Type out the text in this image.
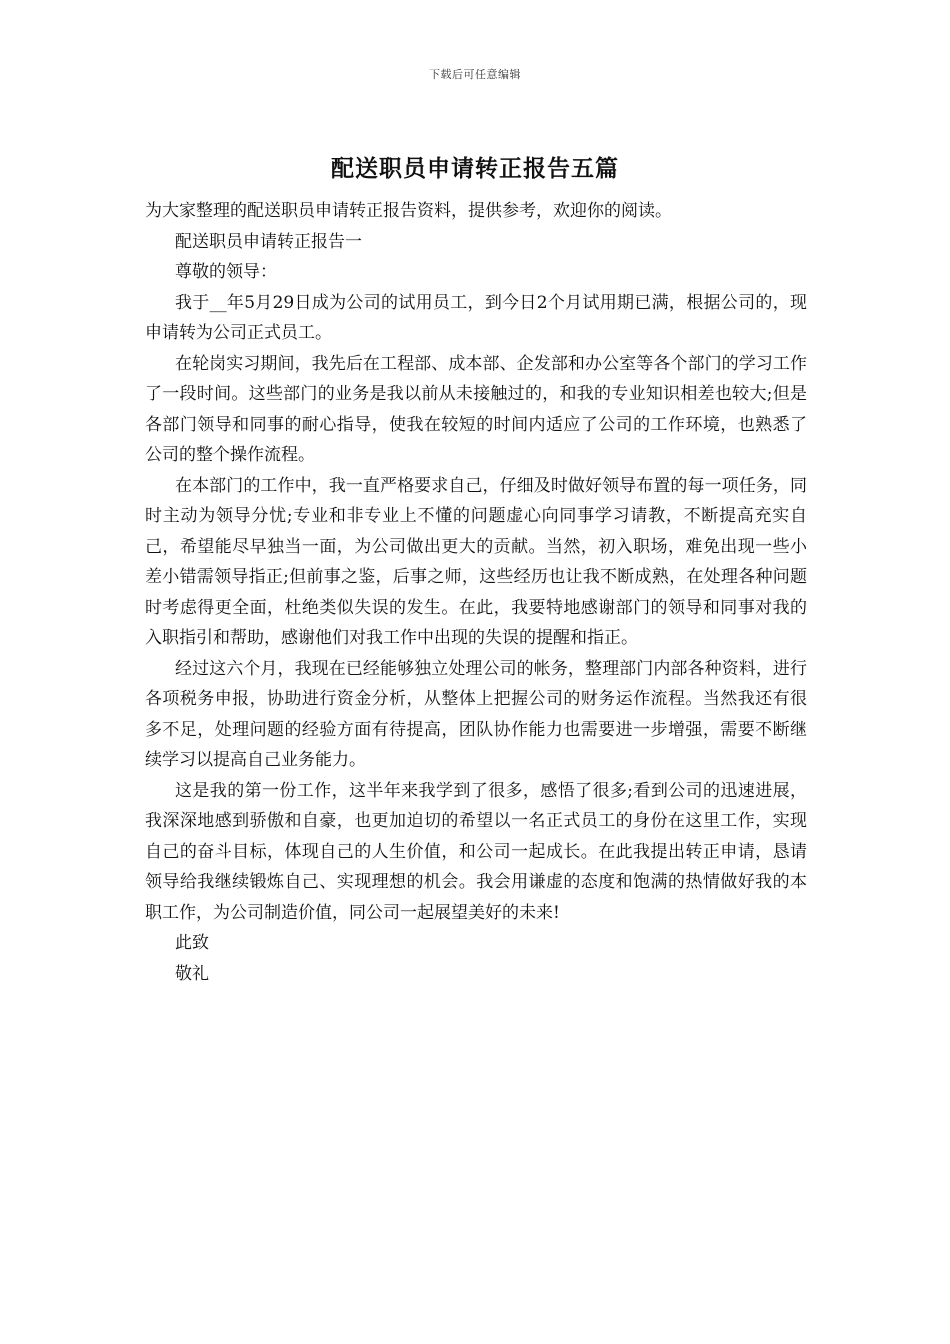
下载后可任意编辑
配送职员申请转正报告五篇

为大家整理的配送职员申请转正报告资料，提供参考，欢迎你的阅读。

配送职员申请转正报告一

尊敬的领导：

我于__年5月29日成为公司的试用员工，到今日2个月试用期已满，根据公司的，现申请转为公司正式员工。

在轮岗实习期间，我先后在工程部、成本部、企发部和办公室等各个部门的学习工作了一段时间。这些部门的业务是我以前从未接触过的，和我的专业知识相差也较大;但是各部门领导和同事的耐心指导，使我在较短的时间内适应了公司的工作环境，也熟悉了公司的整个操作流程。

在本部门的工作中，我一直严格要求自己，仔细及时做好领导布置的每一项任务，同时主动为领导分忧;专业和非专业上不懂的问题虚心向同事学习请教，不断提高充实自己，希望能尽早独当一面，为公司做出更大的贡献。当然，初入职场，难免出现一些小差小错需领导指正;但前事之鉴，后事之师，这些经历也让我不断成熟，在处理各种问题时考虑得更全面，杜绝类似失误的发生。在此，我要特地感谢部门的领导和同事对我的入职指引和帮助，感谢他们对我工作中出现的失误的提醒和指正。

经过这六个月，我现在已经能够独立处理公司的帐务，整理部门内部各种资料，进行各项税务申报，协助进行资金分析，从整体上把握公司的财务运作流程。当然我还有很多不足，处理问题的经验方面有待提高，团队协作能力也需要进一步增强，需要不断继续学习以提高自己业务能力。

这是我的第一份工作，这半年来我学到了很多，感悟了很多;看到公司的迅速进展，我深深地感到骄傲和自豪，也更加迫切的希望以一名正式员工的身份在这里工作，实现自己的奋斗目标，体现自己的人生价值，和公司一起成长。在此我提出转正申请，恳请领导给我继续锻炼自己、实现理想的机会。我会用谦虚的态度和饱满的热情做好我的本职工作，为公司制造价值，同公司一起展望美好的未来!

此致

敬礼
